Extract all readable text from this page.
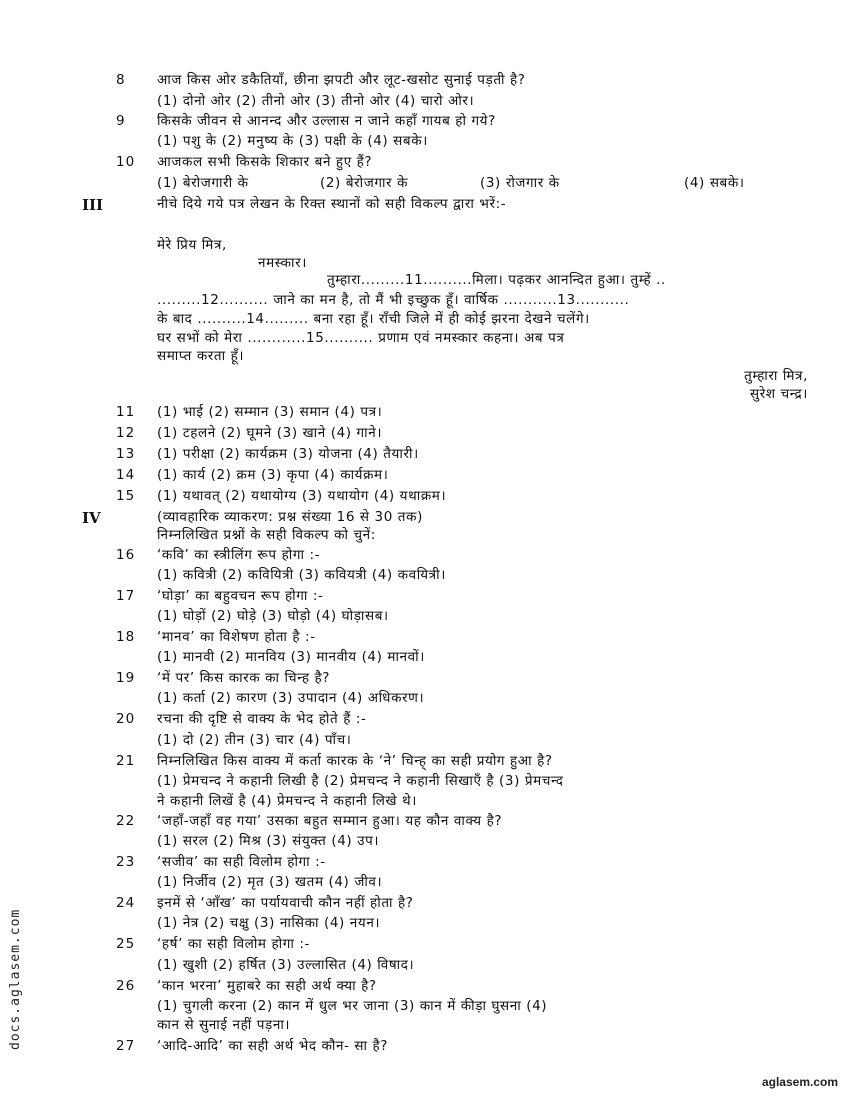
8 आज किस ओर डकैतियाँ, छीना झपटी और लूट-खसोट सुनाई पड़ती है?
(1) दोनो ओर (2) तीनो ओर (3) तीनो ओर (4) चारो ओर।
9 किसके जीवन से आनन्द और उल्लास न जाने कहाँ गायब हो गये?
(1) पशु के (2) मनुष्य के (3) पक्षी के (4) सबके।
10 आजकल सभी किसके शिकार बने हुए हैं?
(1) बेरोजगारी के	(2) बेरोजगार के	(3) रोजगार के	(4) सबके।
III	नीचे दिये गये पत्र लेखन के रिक्त स्थानों को सही विकल्प द्वारा भरें:-
मेरे प्रिय मित्र,
नमस्कार।
तुम्हारा.........11..........मिला। पढ़कर आनन्दित हुआ। तुम्हें ..
.........12.......... जाने का मन है, तो मैं भी इच्छुक हूँ। वार्षिक ...........13...........
के बाद ..........14......... बना रहा हूँ। राँची जिले में ही कोई झरना देखने चलेंगे।
घर सभों को मेरा ............15.......... प्रणाम एवं नमस्कार कहना। अब पत्र
समाप्त करता हूँ।
तुम्हारा मित्र,
सुरेश चन्द्र।
11 (1) भाई (2) सम्मान (3) समान (4) पत्र।
12 (1) टहलने (2) घूमने (3) खाने (4) गाने।
13 (1) परीक्षा (2) कार्यक्रम (3) योजना (4) तैयारी।
14 (1) कार्य (2) क्रम (3) कृपा (4) कार्यक्रम।
15 (1) यथावत् (2) यथायोग्य (3) यथायोग (4) यथाक्रम।
IV	(व्यावहारिक व्याकरण: प्रश्न संख्या 16 से 30 तक)
निम्नलिखित प्रश्नों के सही विकल्प को चुनें:
16 ‘कवि’ का स्त्रीलिंग रूप होगा :-
(1) कवित्री (2) कवियित्री (3) कवियत्री (4) कवयित्री।
17 ‘घोड़ा’ का बहुवचन रूप होगा :-
(1) घोड़ों (2) घोड़े (3) घोड़ो (4) घोड़ासब।
18 ‘मानव’ का विशेषण होता है :-
(1) मानवी (2) मानविय (3) मानवीय (4) मानवों।
19 ‘में पर’ किस कारक का चिन्ह है?
(1) कर्ता (2) कारण (3) उपादान (4) अधिकरण।
20 रचना की दृष्टि से वाक्य के भेद होते हैं :-
(1) दो (2) तीन (3) चार (4) पाँच।
21 निम्नलिखित किस वाक्य में कर्ता कारक के ‘ने’ चिन्ह् का सही प्रयोग हुआ है?
(1) प्रेमचन्द ने कहानी लिखी है (2) प्रेमचन्द ने कहानी सिखाएँ है (3) प्रेमचन्द
ने कहानी लिखें है (4) प्रेमचन्द ने कहानी लिखे थे।
22 ‘जहाँ-जहाँ वह गया’ उसका बहुत सम्मान हुआ। यह कौन वाक्य है?
(1) सरल (2) मिश्र (3) संयुक्त (4) उप।
23 ‘सजीव’ का सही विलोम होगा :-
(1) निर्जीव (2) मृत (3) खतम (4) जीव।
24 इनमें से ‘आँख’ का पर्यायवाची कौन नहीं होता है?
(1) नेत्र (2) चक्षु (3) नासिका (4) नयन।
25 ‘हर्ष’ का सही विलोम होगा :-
(1) खुशी (2) हर्षित (3) उल्लासित (4) विषाद।
26 ‘कान भरना’ मुहाबरे का सही अर्थ क्या है?
(1) चुगली करना (2) कान में धुल भर जाना (3) कान में कीड़ा घुसना (4)
कान से सुनाई नहीं पड़ना।
27 ‘आदि-आदि’ का सही अर्थ भेद कौन- सा है?
docs.aglasem.com
aglasem.com
